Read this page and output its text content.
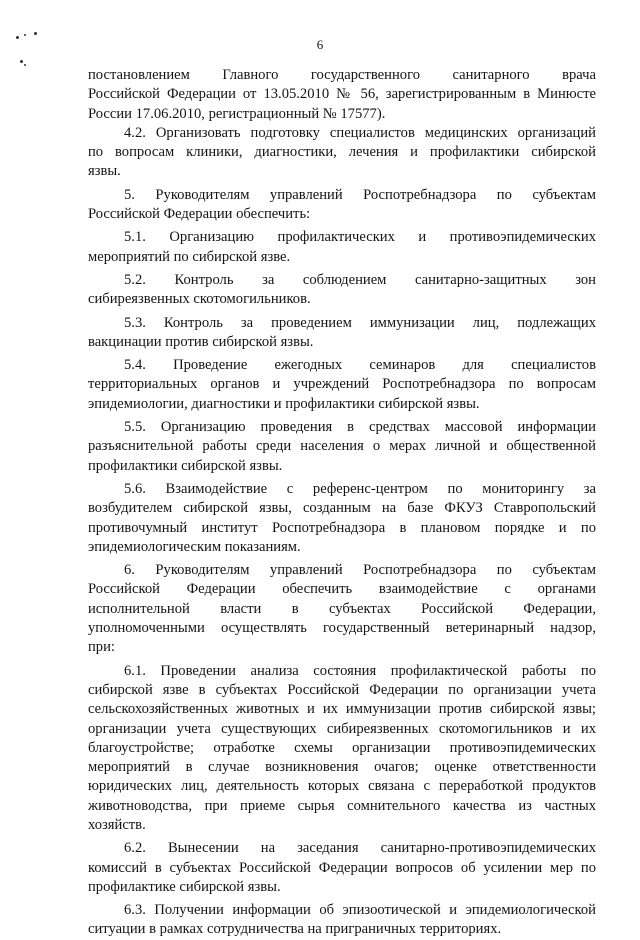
6
постановлением Главного государственного санитарного врача
Российской Федерации от 13.05.2010 № 56, зарегистрированным в Минюсте
России 17.06.2010, регистрационный № 17577).
4.2. Организовать подготовку специалистов медицинских организаций
по вопросам клиники, диагностики, лечения и профилактики сибирской
язвы.
5. Руководителям управлений Роспотребнадзора по субъектам
Российской Федерации обеспечить:
5.1. Организацию профилактических и противоэпидемических
мероприятий по сибирской язве.
5.2. Контроль за соблюдением санитарно-защитных зон
сибиреязвенных скотомогильников.
5.3. Контроль за проведением иммунизации лиц, подлежащих
вакцинации против сибирской язвы.
5.4. Проведение ежегодных семинаров для специалистов
территориальных органов и учреждений Роспотребнадзора по вопросам
эпидемиологии, диагностики и профилактики сибирской язвы.
5.5. Организацию проведения в средствах массовой информации
разъяснительной работы среди населения о мерах личной и общественной
профилактики сибирской язвы.
5.6. Взаимодействие с референс-центром по мониторингу за
возбудителем сибирской язвы, созданным на базе ФКУЗ Ставропольский
противочумный институт Роспотребнадзора в плановом порядке и по
эпидемиологическим показаниям.
6. Руководителям управлений Роспотребнадзора по субъектам
Российской Федерации обеспечить взаимодействие с органами
исполнительной власти в субъектах Российской Федерации,
уполномоченными осуществлять государственный ветеринарный надзор,
при:
6.1. Проведении анализа состояния профилактической работы по
сибирской язве в субъектах Российской Федерации по организации учета
сельскохозяйственных животных и их иммунизации против сибирской язвы;
организации учета существующих сибиреязвенных скотомогильников и их
благоустройстве; отработке схемы организации противоэпидемических
мероприятий в случае возникновения очагов; оценке ответственности
юридических лиц, деятельность которых связана с переработкой продуктов
животноводства, при приеме сырья сомнительного качества из частных
хозяйств.
6.2. Вынесении на заседания санитарно-противоэпидемических
комиссий в субъектах Российской Федерации вопросов об усилении мер по
профилактике сибирской язвы.
6.3. Получении информации об эпизоотической и эпидемиологической
ситуации в рамках сотрудничества на приграничных территориях.
